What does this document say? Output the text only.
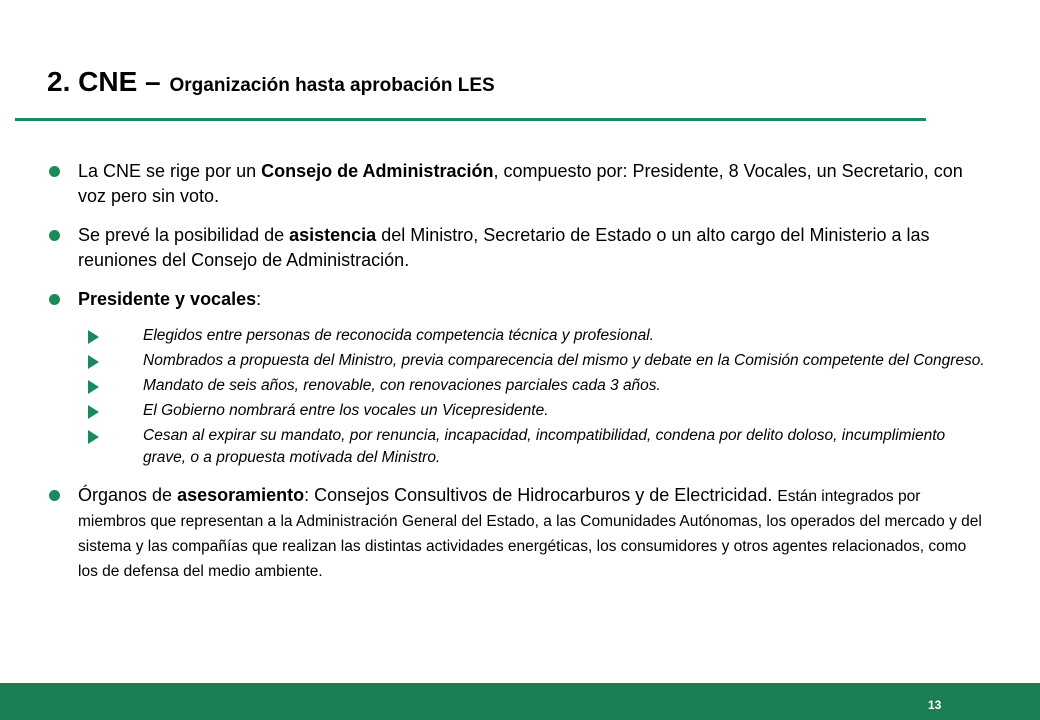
2. CNE – Organización hasta aprobación LES
La CNE se rige por un Consejo de Administración, compuesto por: Presidente, 8 Vocales, un Secretario, con voz pero sin voto.
Se prevé la posibilidad de asistencia del Ministro, Secretario de Estado o un alto cargo del Ministerio a las reuniones del Consejo de Administración.
Presidente y vocales:
Elegidos entre personas de reconocida competencia técnica y profesional.
Nombrados a propuesta del Ministro, previa comparecencia del mismo y debate en la Comisión competente del Congreso.
Mandato de seis años, renovable, con renovaciones parciales cada 3 años.
El Gobierno nombrará entre los vocales un Vicepresidente.
Cesan al expirar su mandato, por renuncia, incapacidad, incompatibilidad, condena por delito doloso, incumplimiento grave, o a propuesta motivada del Ministro.
Órganos de asesoramiento: Consejos Consultivos de Hidrocarburos y de Electricidad. Están integrados por miembros que representan a la Administración General del Estado, a las Comunidades Autónomas, los operados del mercado y del sistema y las compañías que realizan las distintas actividades energéticas, los consumidores y otros agentes relacionados, como los de defensa del medio ambiente.
13
